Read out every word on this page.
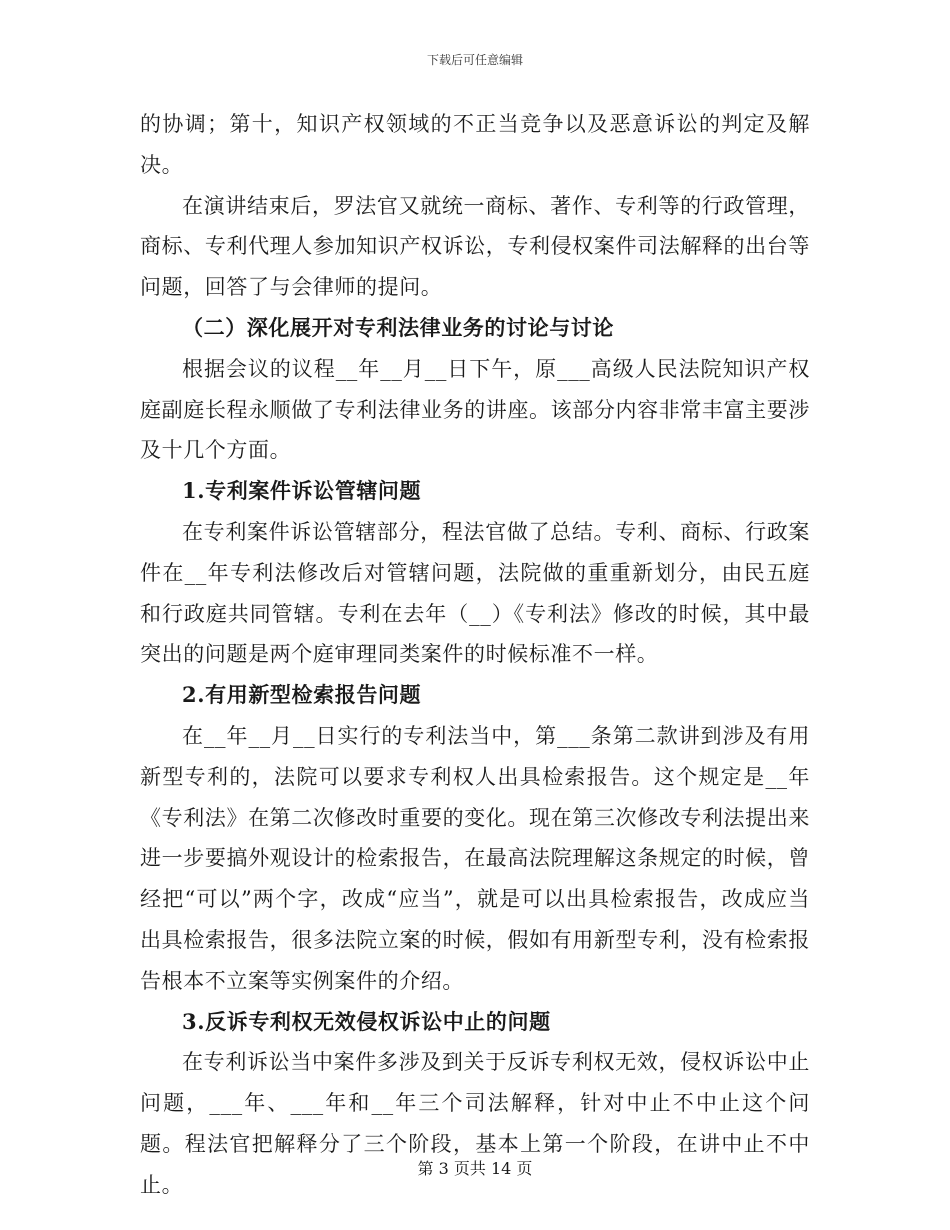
下载后可任意编辑

的协调；第十，知识产权领域的不正当竞争以及恶意诉讼的判定及解决。

在演讲结束后，罗法官又就统一商标、著作、专利等的行政管理，商标、专利代理人参加知识产权诉讼，专利侵权案件司法解释的出台等问题，回答了与会律师的提问。

（二）深化展开对专利法律业务的讨论与讨论

根据会议的议程__年__月__日下午，原___高级人民法院知识产权庭副庭长程永顺做了专利法律业务的讲座。该部分内容非常丰富主要涉及十几个方面。

1.专利案件诉讼管辖问题

在专利案件诉讼管辖部分，程法官做了总结。专利、商标、行政案件在__年专利法修改后对管辖问题，法院做的重重新划分，由民五庭和行政庭共同管辖。专利在去年（__）《专利法》修改的时候，其中最突出的问题是两个庭审理同类案件的时候标准不一样。

2.有用新型检索报告问题

在__年__月__日实行的专利法当中，第___条第二款讲到涉及有用新型专利的，法院可以要求专利权人出具检索报告。这个规定是__年《专利法》在第二次修改时重要的变化。现在第三次修改专利法提出来进一步要搞外观设计的检索报告，在最高法院理解这条规定的时候，曾经把“可以”两个字，改成“应当”，就是可以出具检索报告，改成应当出具检索报告，很多法院立案的时候，假如有用新型专利，没有检索报告根本不立案等实例案件的介绍。

3.反诉专利权无效侵权诉讼中止的问题

在专利诉讼当中案件多涉及到关于反诉专利权无效，侵权诉讼中止问题，___年、___年和__年三个司法解释，针对中止不中止这个问题。程法官把解释分了三个阶段，基本上第一个阶段，在讲中止不中止。

第 3 页共 14 页
